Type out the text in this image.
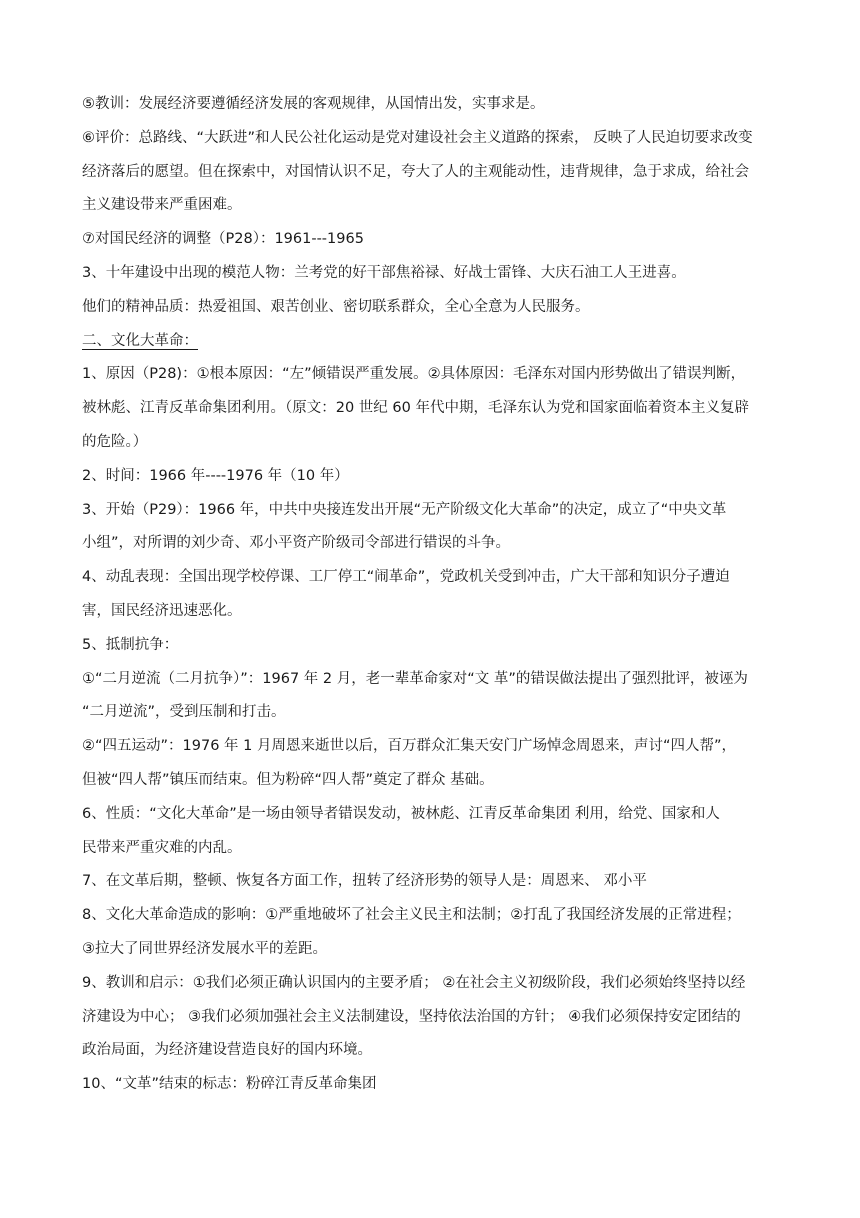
⑤教训：发展经济要遵循经济发展的客观规律，从国情出发，实事求是。
⑥评价：总路线、“大跃进”和人民公社化运动是党对建设社会主义道路的探索， 反映了人民迫切要求改变
经济落后的愿望。但在探索中，对国情认识不足，夸大了人的主观能动性，违背规律，急于求成，给社会
主义建设带来严重困难。
⑦对国民经济的调整（P28）：1961---1965
3、十年建设中出现的模范人物：兰考党的好干部焦裕禄、好战士雷锋、大庆石油工人王进喜。
他们的精神品质：热爱祖国、艰苦创业、密切联系群众，全心全意为人民服务。
二、文化大革命：
1、原因（P28)：①根本原因：“左”倾错误严重发展。②具体原因：毛泽东对国内形势做出了错误判断，
被林彪、江青反革命集团利用。（原文：20 世纪 60 年代中期，毛泽东认为党和国家面临着资本主义复辟
的危险。）
2、时间：1966 年----1976 年（10 年）
3、开始（P29）：1966 年，中共中央接连发出开展“无产阶级文化大革命”的决定，成立了“中央文革
小组”，对所谓的刘少奇、邓小平资产阶级司令部进行错误的斗争。
4、动乱表现：全国出现学校停课、工厂停工“闹革命”，党政机关受到冲击，广大干部和知识分子遭迫
害，国民经济迅速恶化。
5、抵制抗争：
①“二月逆流（二月抗争）”：1967 年 2 月，老一辈革命家对“文 革”的错误做法提出了强烈批评，被诬为
“二月逆流”，受到压制和打击。
②“四五运动”：1976 年 1 月周恩来逝世以后，百万群众汇集天安门广场悼念周恩来，声讨“四人帮”，
但被“四人帮”镇压而结束。但为粉碎“四人帮”奠定了群众 基础。
6、性质：“文化大革命”是一场由领导者错误发动，被林彪、江青反革命集团 利用，给党、国家和人
民带来严重灾难的内乱。
7、在文革后期，整顿、恢复各方面工作，扭转了经济形势的领导人是：周恩来、 邓小平
8、文化大革命造成的影响：①严重地破坏了社会主义民主和法制；②打乱了我国经济发展的正常进程；
③拉大了同世界经济发展水平的差距。
9、教训和启示：①我们必须正确认识国内的主要矛盾； ②在社会主义初级阶段，我们必须始终坚持以经
济建设为中心； ③我们必须加强社会主义法制建设，坚持依法治国的方针； ④我们必须保持安定团结的
政治局面，为经济建设营造良好的国内环境。
10、“文革”结束的标志：粉碎江青反革命集团
